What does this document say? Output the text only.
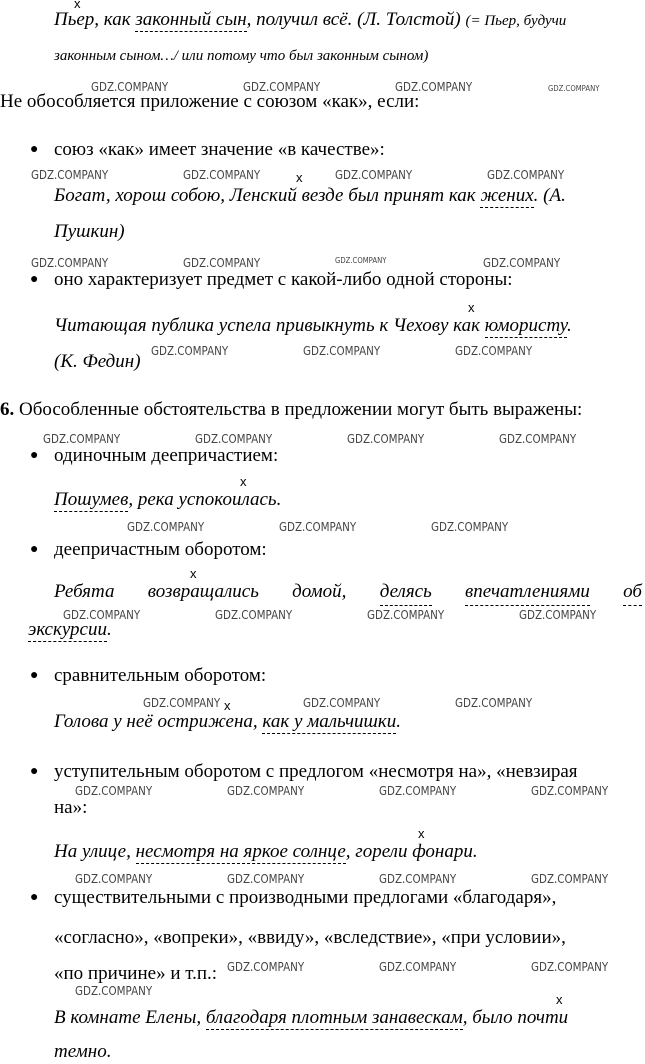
x
Пьер, как законный сын, получил всё. (Л. Толстой) (= Пьер, будучи
законным сыном…/ или потому что был законным сыном)
GDZ.COMPANY	GDZ.COMPANY	GDZ.COMPANY	GDZ.COMPANY
Не обособляется приложение с союзом «как», если:
● союз «как» имеет значение «в качестве»:
GDZ.COMPANY	GDZ.COMPANY	x	GDZ.COMPANY	GDZ.COMPANY
Богат, хорош собою, Ленский везде был принят как жених. (А.
Пушкин)
GDZ.COMPANY	GDZ.COMPANY	GDZ.COMPANY	GDZ.COMPANY
● оно характеризует предмет с какой-либо одной стороны:
x
Читающая публика успела привыкнуть к Чехову как юмористу.
(К. Федин) GDZ.COMPANY	GDZ.COMPANY	GDZ.COMPANY
6. Обособленные обстоятельства в предложении могут быть выражены:
GDZ.COMPANY	GDZ.COMPANY	GDZ.COMPANY	GDZ.COMPANY
● одиночным деепричастием:
x
Пошумев, река успокоилась.
GDZ.COMPANY	GDZ.COMPANY	GDZ.COMPANY
● деепричастным оборотом:
x
Ребята возвращались домой, делясь впечатлениями об
GDZ.COMPANY	GDZ.COMPANY	GDZ.COMPANY	GDZ.COMPANY
экскурсии.
● сравнительным оборотом:
GDZ.COMPANY x	GDZ.COMPANY	GDZ.COMPANY
Голова у неё острижена, как у мальчишки.
● уступительным оборотом с предлогом «несмотря на», «невзирая
GDZ.COMPANY	GDZ.COMPANY	GDZ.COMPANY	GDZ.COMPANY
на»:
x
На улице, несмотря на яркое солнце, горели фонари.
GDZ.COMPANY	GDZ.COMPANY	GDZ.COMPANY	GDZ.COMPANY
● существительными с производными предлогами «благодаря»,
«согласно», «вопреки», «ввиду», «вследствие», «при условии»,
«по причине» и т.п.: GDZ.COMPANY	GDZ.COMPANY	GDZ.COMPANY
GDZ.COMPANY
x
В комнате Елены, благодаря плотным занавескам, было почти
темно.
